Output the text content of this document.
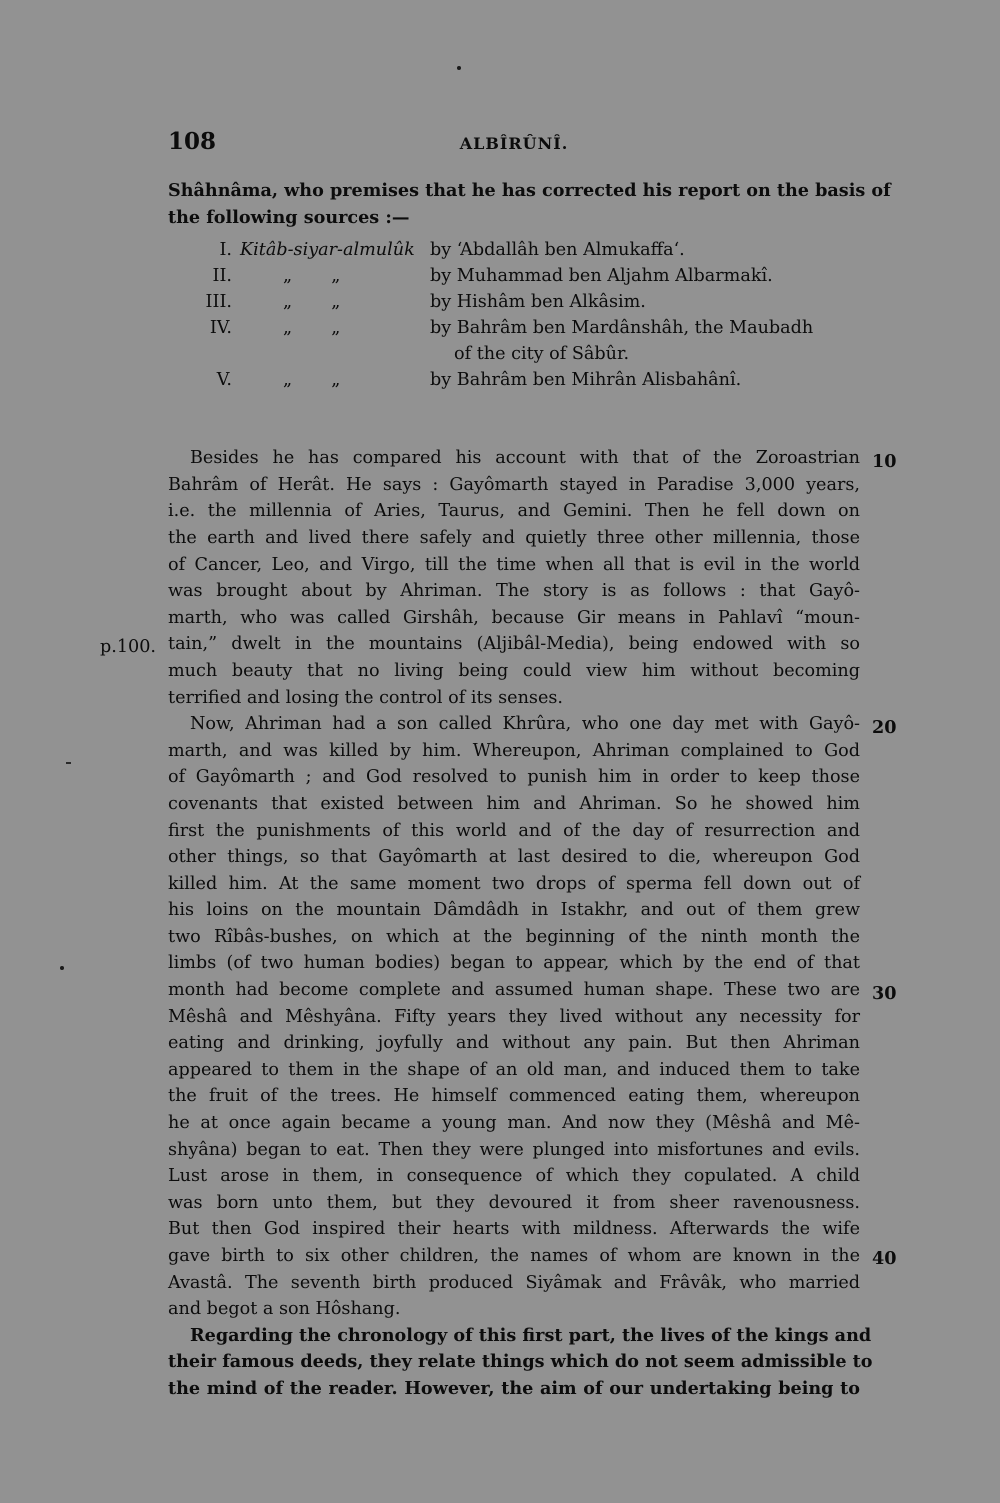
108	ALBÎRÛNÎ.
Shâhnâma, who premises that he has corrected his report on the basis of
the following sources :—
I. Kitâb-siyar-almulûk by ‘Abdallâh ben Almukaffa‘.
II.	„       „	by Muhammad ben Aljahm Albarmakî.
III.	„       „	by Hishâm ben Alkâsim.
IV.	„       „	by Bahrâm ben Mardânshâh, the Maubadh
of the city of Sâbûr.
V.	„       „	by Bahrâm ben Mihrân Alisbahânî.
Besides he has compared his account with that of the Zoroastrian
Bahrâm of Herât. He says : Gayômarth stayed in Paradise 3,000 years,
i.e. the millennia of Aries, Taurus, and Gemini. Then he fell down on
the earth and lived there safely and quietly three other millennia, those
of Cancer, Leo, and Virgo, till the time when all that is evil in the world
was brought about by Ahriman. The story is as follows : that Gayô-
marth, who was called Girshâh, because Gir means in Pahlavî “moun-
tain,” dwelt in the mountains (Aljibâl-Media), being endowed with so
much beauty that no living being could view him without becoming
terrified and losing the control of its senses.
Now, Ahriman had a son called Khrûra, who one day met with Gayô-
marth, and was killed by him. Whereupon, Ahriman complained to God
of Gayômarth ; and God resolved to punish him in order to keep those
covenants that existed between him and Ahriman. So he showed him
first the punishments of this world and of the day of resurrection and
other things, so that Gayômarth at last desired to die, whereupon God
killed him. At the same moment two drops of sperma fell down out of
his loins on the mountain Dâmdâdh in Istakhr, and out of them grew
two Rîbâs-bushes, on which at the beginning of the ninth month the
limbs (of two human bodies) began to appear, which by the end of that
month had become complete and assumed human shape. These two are
Mêshâ and Mêshyâna. Fifty years they lived without any necessity for
eating and drinking, joyfully and without any pain. But then Ahriman
appeared to them in the shape of an old man, and induced them to take
the fruit of the trees. He himself commenced eating them, whereupon
he at once again became a young man. And now they (Mêshâ and Mê-
shyâna) began to eat. Then they were plunged into misfortunes and evils.
Lust arose in them, in consequence of which they copulated. A child
was born unto them, but they devoured it from sheer ravenousness.
But then God inspired their hearts with mildness. Afterwards the wife
gave birth to six other children, the names of whom are known in the
Avastâ. The seventh birth produced Siyâmak and Frâvâk, who married
and begot a son Hôshang.
Regarding the chronology of this first part, the lives of the kings and
their famous deeds, they relate things which do not seem admissible to
the mind of the reader. However, the aim of our undertaking being to
10
20
30
40
p.100.
